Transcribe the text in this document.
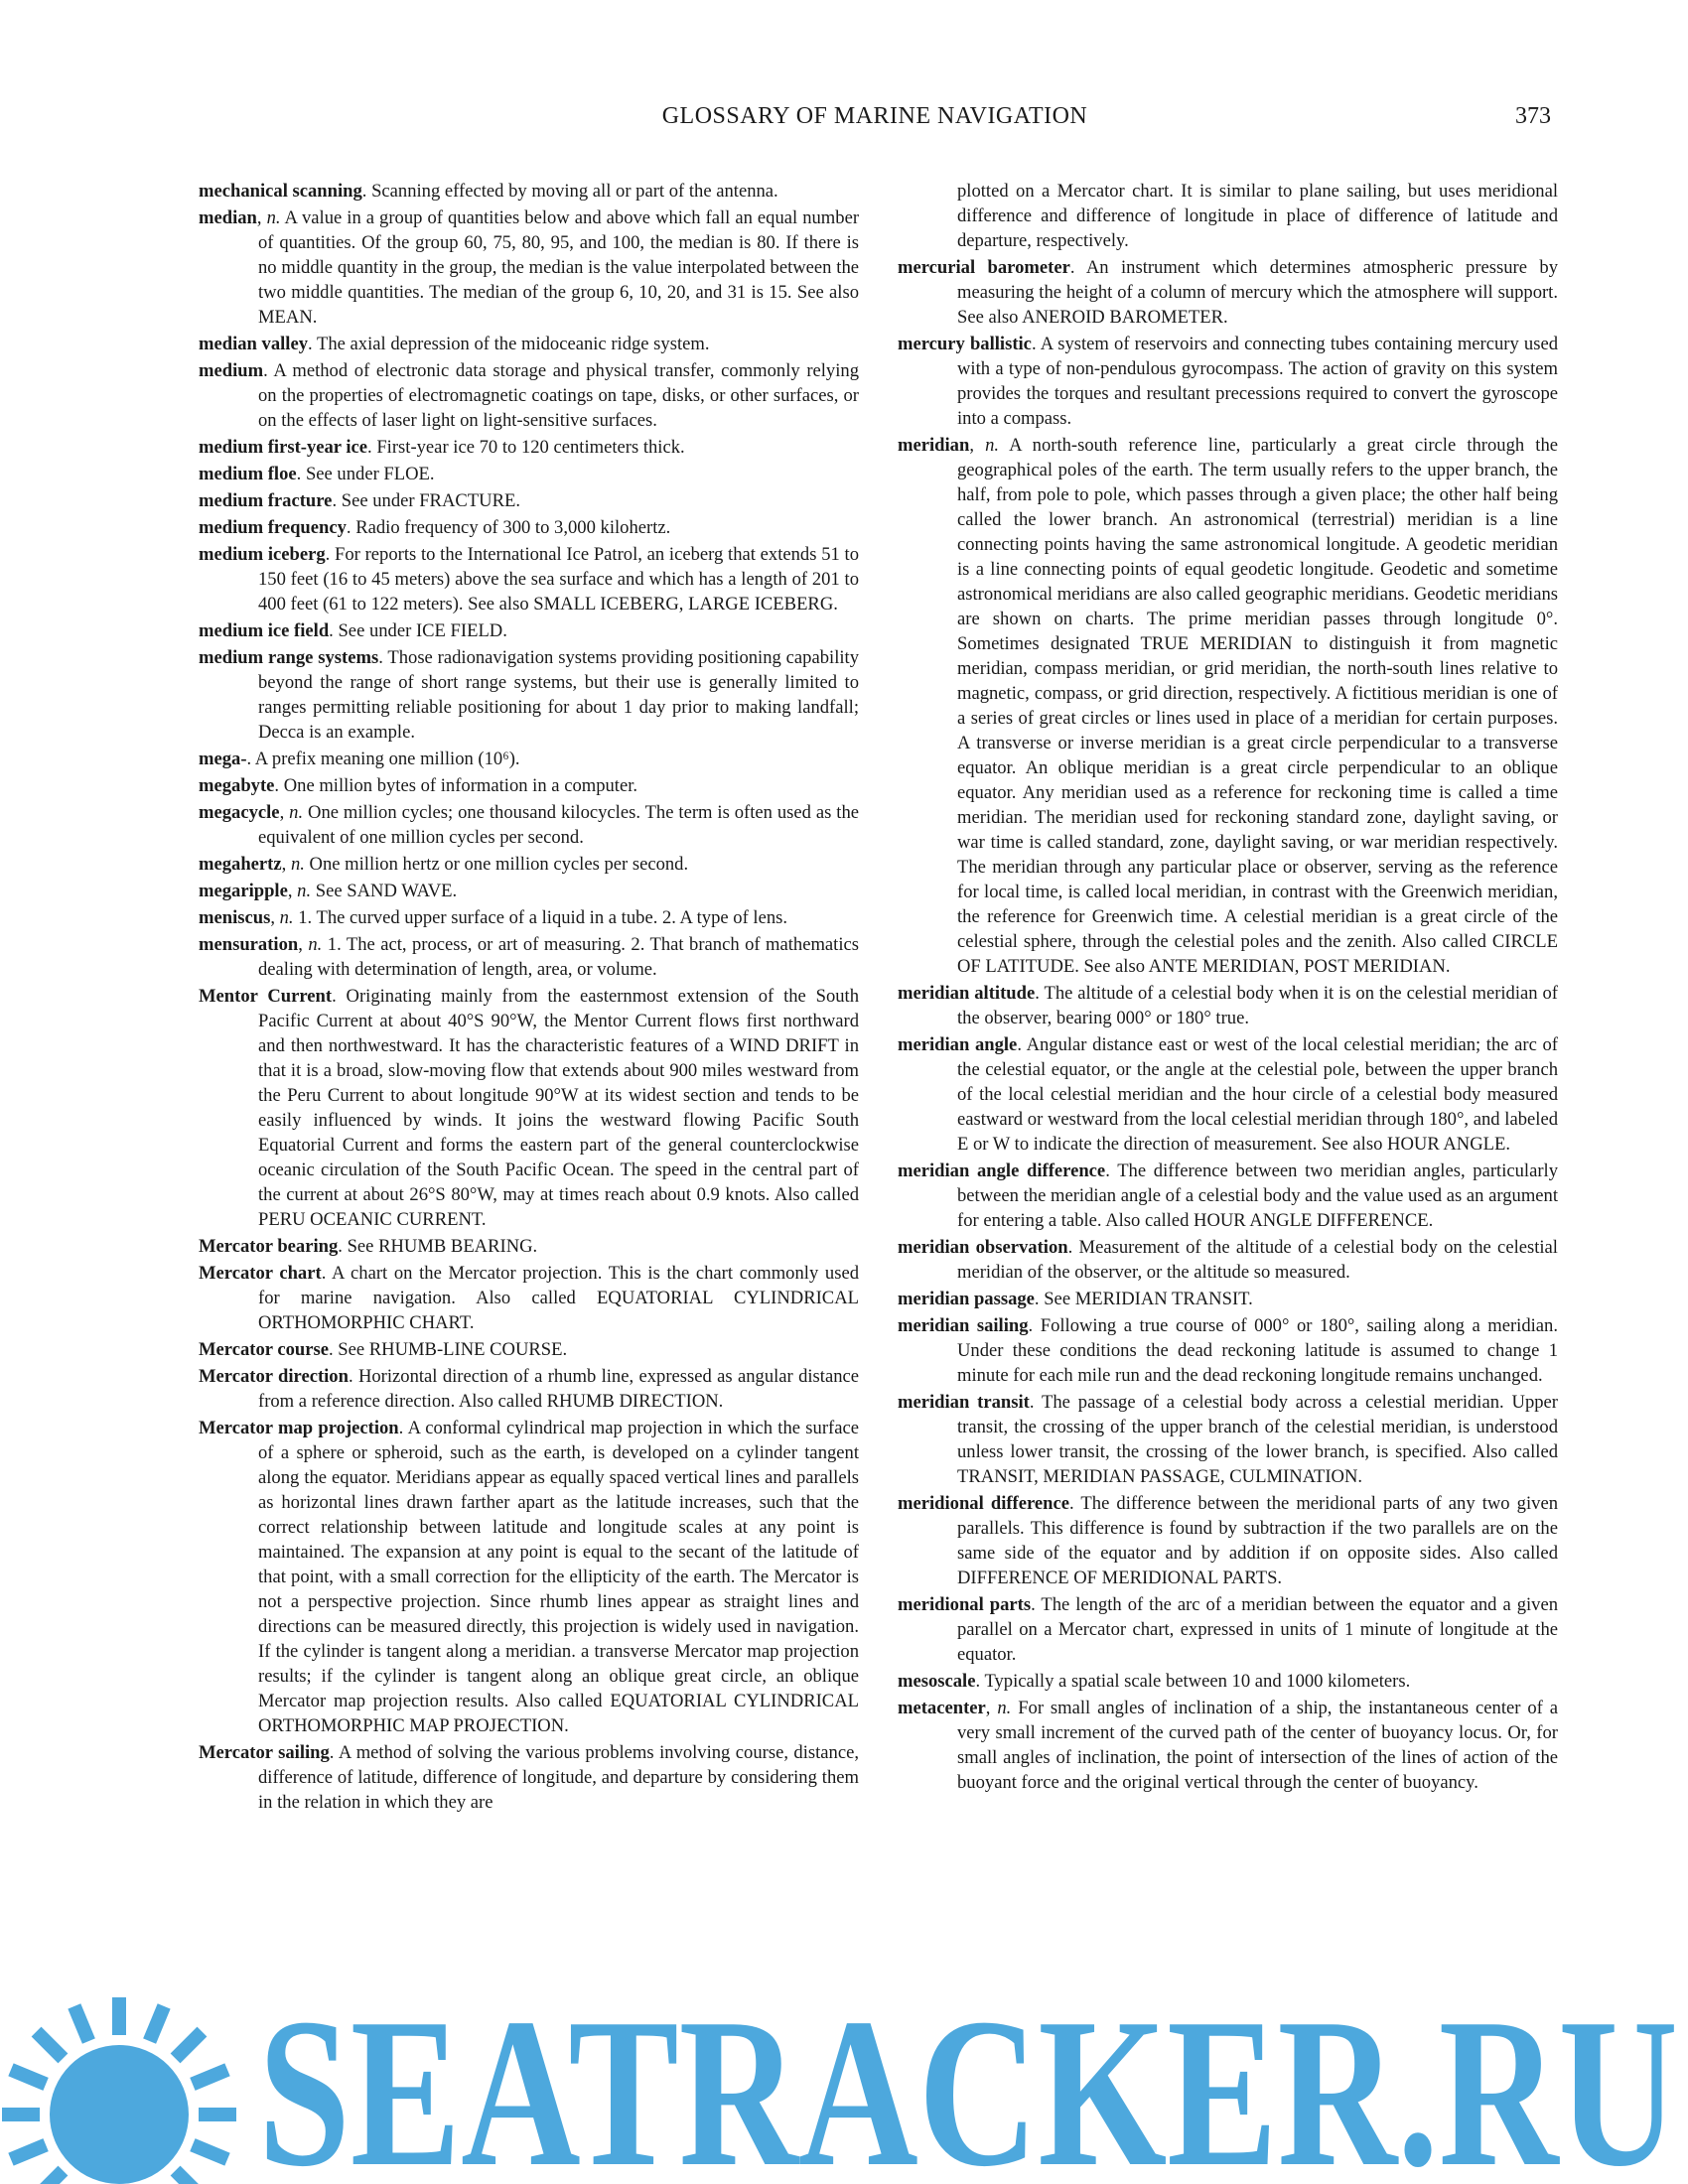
GLOSSARY OF MARINE NAVIGATION	373

mechanical scanning. Scanning effected by moving all or part of the antenna.

median, n. A value in a group of quantities below and above which fall an equal number of quantities. Of the group 60, 75, 80, 95, and 100, the median is 80. If there is no middle quantity in the group, the median is the value interpolated between the two middle quantities. The median of the group 6, 10, 20, and 31 is 15. See also MEAN.

median valley. The axial depression of the midoceanic ridge system.

medium. A method of electronic data storage and physical transfer, commonly relying on the properties of electromagnetic coatings on tape, disks, or other surfaces, or on the effects of laser light on light-sensitive surfaces.

medium first-year ice. First-year ice 70 to 120 centimeters thick.

medium floe. See under FLOE.

medium fracture. See under FRACTURE.

medium frequency. Radio frequency of 300 to 3,000 kilohertz.

medium iceberg. For reports to the International Ice Patrol, an iceberg that extends 51 to 150 feet (16 to 45 meters) above the sea surface and which has a length of 201 to 400 feet (61 to 122 meters). See also SMALL ICEBERG, LARGE ICEBERG.

medium ice field. See under ICE FIELD.

medium range systems. Those radionavigation systems providing positioning capability beyond the range of short range systems, but their use is generally limited to ranges permitting reliable positioning for about 1 day prior to making landfall; Decca is an example.

mega-. A prefix meaning one million (10⁶).

megabyte. One million bytes of information in a computer.

megacycle, n. One million cycles; one thousand kilocycles. The term is often used as the equivalent of one million cycles per second.

megahertz, n. One million hertz or one million cycles per second.

megaripple, n. See SAND WAVE.

meniscus, n. 1. The curved upper surface of a liquid in a tube. 2. A type of lens.

mensuration, n. 1. The act, process, or art of measuring. 2. That branch of mathematics dealing with determination of length, area, or volume.

Mentor Current. Originating mainly from the easternmost extension of the South Pacific Current at about 40°S 90°W, the Mentor Current flows first northward and then northwestward. It has the characteristic features of a WIND DRIFT in that it is a broad, slow-moving flow that extends about 900 miles westward from the Peru Current to about longitude 90°W at its widest section and tends to be easily influenced by winds. It joins the westward flowing Pacific South Equatorial Current and forms the eastern part of the general counterclockwise oceanic circulation of the South Pacific Ocean. The speed in the central part of the current at about 26°S 80°W, may at times reach about 0.9 knots. Also called PERU OCEANIC CURRENT.

Mercator bearing. See RHUMB BEARING.

Mercator chart. A chart on the Mercator projection. This is the chart commonly used for marine navigation. Also called EQUATORIAL CYLINDRICAL ORTHOMORPHIC CHART.

Mercator course. See RHUMB-LINE COURSE.

Mercator direction. Horizontal direction of a rhumb line, expressed as angular distance from a reference direction. Also called RHUMB DIRECTION.

Mercator map projection. A conformal cylindrical map projection in which the surface of a sphere or spheroid, such as the earth, is developed on a cylinder tangent along the equator. Meridians appear as equally spaced vertical lines and parallels as horizontal lines drawn farther apart as the latitude increases, such that the correct relationship between latitude and longitude scales at any point is maintained. The expansion at any point is equal to the secant of the latitude of that point, with a small correction for the ellipticity of the earth. The Mercator is not a perspective projection. Since rhumb lines appear as straight lines and directions can be measured directly, this projection is widely used in navigation. If the cylinder is tangent along a meridian. a transverse Mercator map projection results; if the cylinder is tangent along an oblique great circle, an oblique Mercator map projection results. Also called EQUATORIAL CYLINDRICAL ORTHOMORPHIC MAP PROJECTION.

Mercator sailing. A method of solving the various problems involving course, distance, difference of latitude, difference of longitude, and departure by considering them in the relation in which they are

plotted on a Mercator chart. It is similar to plane sailing, but uses meridional difference and difference of longitude in place of difference of latitude and departure, respectively.

mercurial barometer. An instrument which determines atmospheric pressure by measuring the height of a column of mercury which the atmosphere will support. See also ANEROID BAROMETER.

mercury ballistic. A system of reservoirs and connecting tubes containing mercury used with a type of non-pendulous gyrocompass. The action of gravity on this system provides the torques and resultant precessions required to convert the gyroscope into a compass.

meridian, n. A north-south reference line, particularly a great circle through the geographical poles of the earth. The term usually refers to the upper branch, the half, from pole to pole, which passes through a given place; the other half being called the lower branch. An astronomical (terrestrial) meridian is a line connecting points having the same astronomical longitude. A geodetic meridian is a line connecting points of equal geodetic longitude. Geodetic and sometime astronomical meridians are also called geographic meridians. Geodetic meridians are shown on charts. The prime meridian passes through longitude 0°. Sometimes designated TRUE MERIDIAN to distinguish it from magnetic meridian, compass meridian, or grid meridian, the north-south lines relative to magnetic, compass, or grid direction, respectively. A fictitious meridian is one of a series of great circles or lines used in place of a meridian for certain purposes. A transverse or inverse meridian is a great circle perpendicular to a transverse equator. An oblique meridian is a great circle perpendicular to an oblique equator. Any meridian used as a reference for reckoning time is called a time meridian. The meridian used for reckoning standard zone, daylight saving, or war time is called standard, zone, daylight saving, or war meridian respectively. The meridian through any particular place or observer, serving as the reference for local time, is called local meridian, in contrast with the Greenwich meridian, the reference for Greenwich time. A celestial meridian is a great circle of the celestial sphere, through the celestial poles and the zenith. Also called CIRCLE OF LATITUDE. See also ANTE MERIDIAN, POST MERIDIAN.

meridian altitude. The altitude of a celestial body when it is on the celestial meridian of the observer, bearing 000° or 180° true.

meridian angle. Angular distance east or west of the local celestial meridian; the arc of the celestial equator, or the angle at the celestial pole, between the upper branch of the local celestial meridian and the hour circle of a celestial body measured eastward or westward from the local celestial meridian through 180°, and labeled E or W to indicate the direction of measurement. See also HOUR ANGLE.

meridian angle difference. The difference between two meridian angles, particularly between the meridian angle of a celestial body and the value used as an argument for entering a table. Also called HOUR ANGLE DIFFERENCE.

meridian observation. Measurement of the altitude of a celestial body on the celestial meridian of the observer, or the altitude so measured.

meridian passage. See MERIDIAN TRANSIT.

meridian sailing. Following a true course of 000° or 180°, sailing along a meridian. Under these conditions the dead reckoning latitude is assumed to change 1 minute for each mile run and the dead reckoning longitude remains unchanged.

meridian transit. The passage of a celestial body across a celestial meridian. Upper transit, the crossing of the upper branch of the celestial meridian, is understood unless lower transit, the crossing of the lower branch, is specified. Also called TRANSIT, MERIDIAN PASSAGE, CULMINATION.

meridional difference. The difference between the meridional parts of any two given parallels. This difference is found by subtraction if the two parallels are on the same side of the equator and by addition if on opposite sides. Also called DIFFERENCE OF MERIDIONAL PARTS.

meridional parts. The length of the arc of a meridian between the equator and a given parallel on a Mercator chart, expressed in units of 1 minute of longitude at the equator.

mesoscale. Typically a spatial scale between 10 and 1000 kilometers.

metacenter, n. For small angles of inclination of a ship, the instantaneous center of a very small increment of the curved path of the center of buoyancy locus. Or, for small angles of inclination, the point of intersection of the lines of action of the buoyant force and the original vertical through the center of buoyancy.

SEATRACKER.RU
